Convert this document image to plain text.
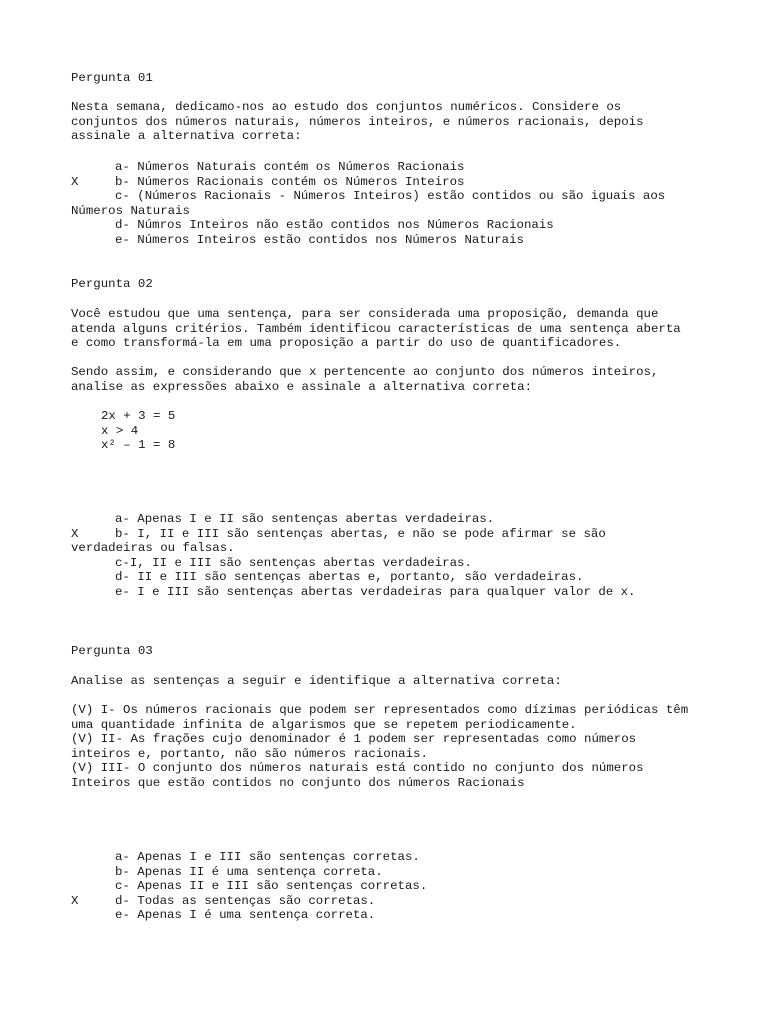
Pergunta 01
Nesta semana, dedicamo-nos ao estudo dos conjuntos numéricos. Considere os
conjuntos dos números naturais, números inteiros, e números racionais, depois
assinale a alternativa correta:
a- Números Naturais contém os Números Racionais
X	b- Números Racionais contém os Números Inteiros
c- (Números Racionais - Números Inteiros) estão contidos ou são iguais aos
Números Naturais
d- Númros Inteiros não estão contidos nos Números Racionais
e- Números Inteiros estão contidos nos Números Naturais
Pergunta 02
Você estudou que uma sentença, para ser considerada uma proposição, demanda que
atenda alguns critérios. Também identificou características de uma sentença aberta
e como transformá-la em uma proposição a partir do uso de quantificadores.
Sendo assim, e considerando que x pertencente ao conjunto dos números inteiros,
analise as expressões abaixo e assinale a alternativa correta:
2x + 3 = 5
x > 4
x² – 1 = 8
a- Apenas I e II são sentenças abertas verdadeiras.
X	b- I, II e III são sentenças abertas, e não se pode afirmar se são
verdadeiras ou falsas.
c-I, II e III são sentenças abertas verdadeiras.
d- II e III são sentenças abertas e, portanto, são verdadeiras.
e- I e III são sentenças abertas verdadeiras para qualquer valor de x.
Pergunta 03
Analise as sentenças a seguir e identifique a alternativa correta:
(V) I- Os números racionais que podem ser representados como dízimas periódicas têm
uma quantidade infinita de algarismos que se repetem periodicamente.
(V) II- As frações cujo denominador é 1 podem ser representadas como números
inteiros e, portanto, não são números racionais.
(V) III- O conjunto dos números naturais está contido no conjunto dos números
Inteiros que estão contidos no conjunto dos números Racionais
a- Apenas I e III são sentenças corretas.
b- Apenas II é uma sentença correta.
c- Apenas II e III são sentenças corretas.
X	d- Todas as sentenças são corretas.
e- Apenas I é uma sentença correta.
